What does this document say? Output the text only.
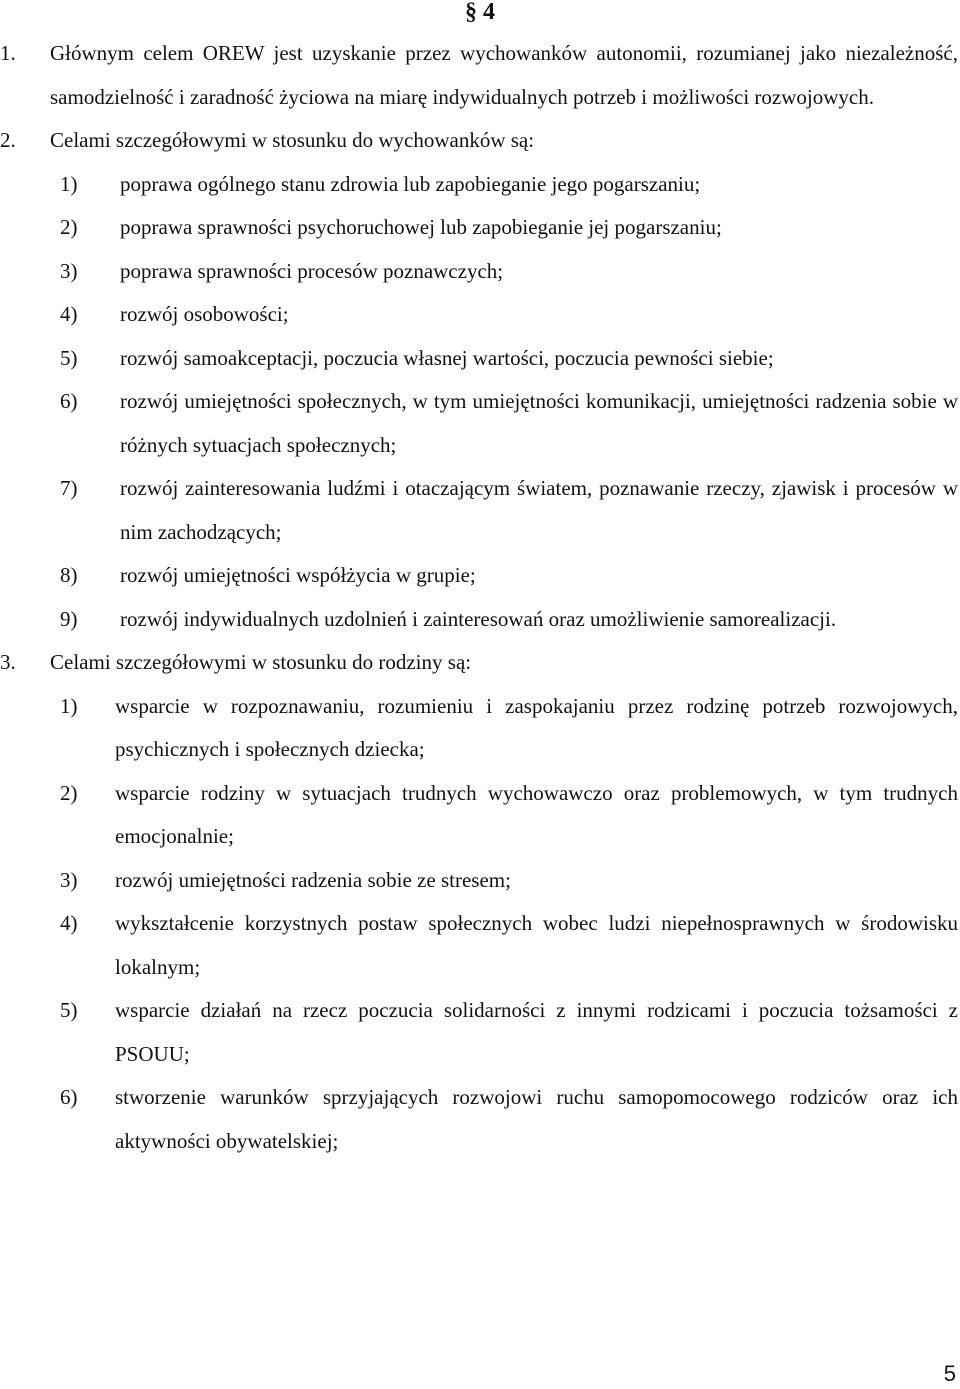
§ 4
1. Głównym celem OREW jest uzyskanie przez wychowanków autonomii, rozumianej jako niezależność, samodzielność i zaradność życiowa na miarę indywidualnych potrzeb i możliwości rozwojowych.
2. Celami szczegółowymi w stosunku do wychowanków są:
1) poprawa ogólnego stanu zdrowia lub zapobieganie jego pogarszaniu;
2) poprawa sprawności psychoruchowej lub zapobieganie jej pogarszaniu;
3) poprawa sprawności procesów poznawczych;
4) rozwój osobowości;
5) rozwój samoakceptacji, poczucia własnej wartości, poczucia pewności siebie;
6) rozwój umiejętności społecznych, w tym umiejętności komunikacji, umiejętności radzenia sobie w różnych sytuacjach społecznych;
7) rozwój zainteresowania ludźmi i otaczającym światem, poznawanie rzeczy, zjawisk i procesów w nim zachodzących;
8) rozwój umiejętności współżycia w grupie;
9) rozwój indywidualnych uzdolnień i zainteresowań oraz umożliwienie samorealizacji.
3. Celami szczegółowymi w stosunku do rodziny są:
1) wsparcie w rozpoznawaniu, rozumieniu i zaspokajaniu przez rodzinę potrzeb rozwojowych, psychicznych i społecznych dziecka;
2) wsparcie rodziny w sytuacjach trudnych wychowawczo oraz problemowych, w tym trudnych emocjonalnie;
3) rozwój umiejętności radzenia sobie ze stresem;
4) wykształcenie korzystnych postaw społecznych wobec ludzi niepełnosprawnych w środowisku lokalnym;
5) wsparcie działań na rzecz poczucia solidarności z innymi rodzicami i poczucia tożsamości z PSOUU;
6) stworzenie warunków sprzyjających rozwojowi ruchu samopomocowego rodziców oraz ich aktywności obywatelskiej;
5
